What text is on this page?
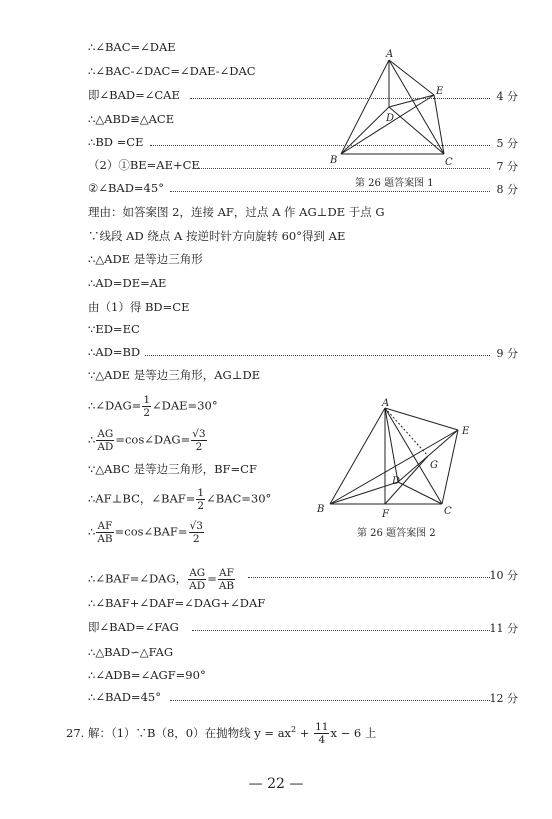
∴∠BAC=∠DAE
∴∠BAC-∠DAC=∠DAE-∠DAC
即∠BAD=∠CAE
∴△ABD≌△ACE
∴BD =CE
（2）①BE=AE+CE
②∠BAD=45°
理由：如答案图 2，连接 AF，过点 A 作 AG⊥DE 于点 G
∵线段 AD 绕点 A 按逆时针方向旋转 60°得到 AE
∴△ADE 是等边三角形
∴AD=DE=AE
由（1）得 BD=CE
∵ED=EC
∴AD=BD
∵△ADE 是等边三角形，AG⊥DE
∴∠DAG= $\frac{1}{2}$ ∠DAE=30°
∴ $\frac{AG}{AD}$ =cos∠DAG= $\frac{√3}{2}$
∵△ABC 是等边三角形，BF=CF
∴AF⊥BC，∠BAF= $\frac{1}{2}$ ∠BAC=30°
∴ $\frac{AF}{AB}$ =cos∠BAF= $\frac{√3}{2}$
∴∠BAF=∠DAG， $\frac{AG}{AD} = \frac{AF}{AB}$
∴∠BAF+∠DAF=∠DAG+∠DAF
即∠BAD=∠FAG
∴△BAD∽△FAG
∴∠ADB=∠AGF=90°
∴∠BAD=45°
A
B	C
D
E
第 26 题答案图 1
A
B	C
D
E
F
G
第 26 题答案图 2
27. 解：（1）∵B（8，0）在抛物线 $y = ax^2 + \frac{11}{4}$ x − 6 上
— 22 —
4 分
5 分
7 分
8 分
9 分
10 分
11 分
12 分
